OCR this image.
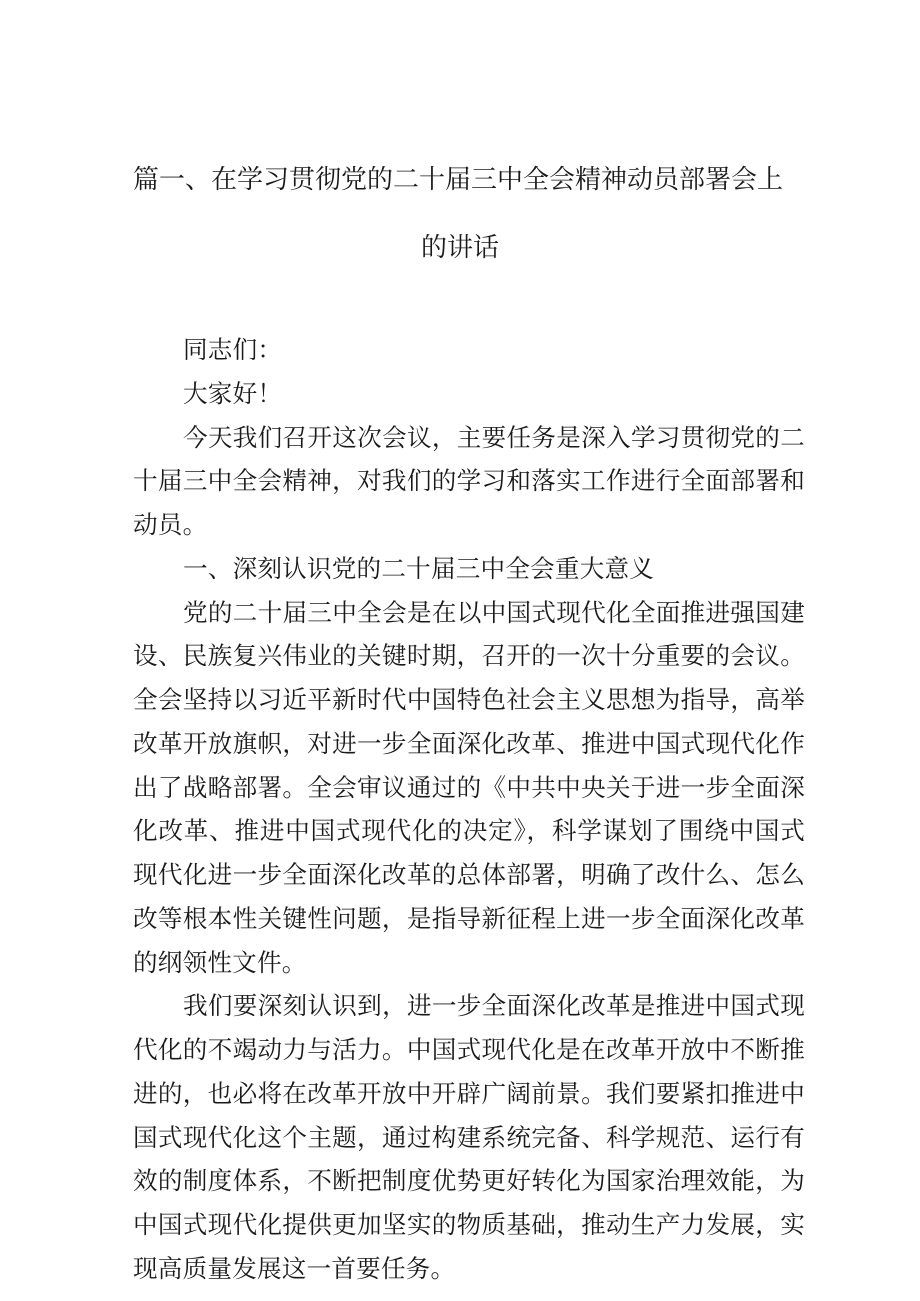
篇一、在学习贯彻党的二十届三中全会精神动员部署会上
的讲话

同志们：

大家好！

今天我们召开这次会议，主要任务是深入学习贯彻党的二十届三中全会精神，对我们的学习和落实工作进行全面部署和动员。

一、深刻认识党的二十届三中全会重大意义

党的二十届三中全会是在以中国式现代化全面推进强国建设、民族复兴伟业的关键时期，召开的一次十分重要的会议。全会坚持以习近平新时代中国特色社会主义思想为指导，高举改革开放旗帜，对进一步全面深化改革、推进中国式现代化作出了战略部署。全会审议通过的《中共中央关于进一步全面深化改革、推进中国式现代化的决定》，科学谋划了围绕中国式现代化进一步全面深化改革的总体部署，明确了改什么、怎么改等根本性关键性问题，是指导新征程上进一步全面深化改革的纲领性文件。

我们要深刻认识到，进一步全面深化改革是推进中国式现代化的不竭动力与活力。中国式现代化是在改革开放中不断推进的，也必将在改革开放中开辟广阔前景。我们要紧扣推进中国式现代化这个主题，通过构建系统完备、科学规范、运行有效的制度体系，不断把制度优势更好转化为国家治理效能，为中国式现代化提供更加坚实的物质基础，推动生产力发展，实现高质量发展这一首要任务。
